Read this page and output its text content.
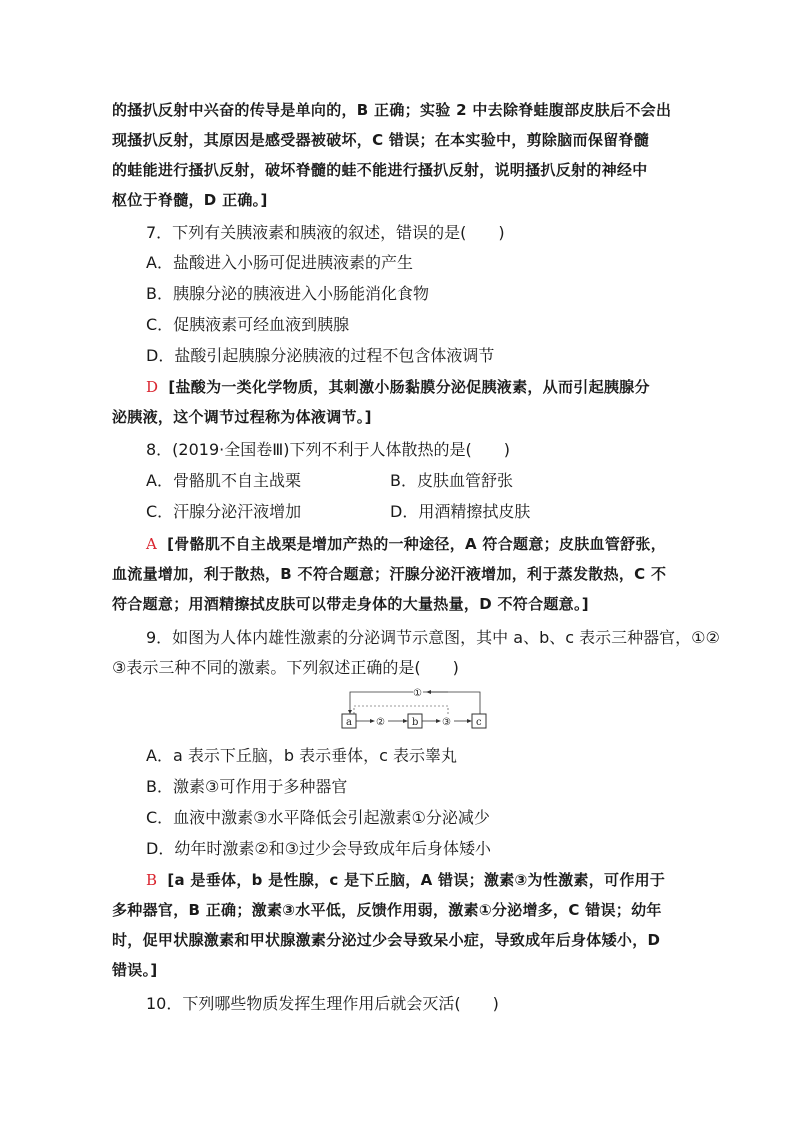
的搔扒反射中兴奋的传导是单向的，B 正确；实验 2 中去除脊蛙腹部皮肤后不会出
现搔扒反射，其原因是感受器被破坏，C 错误；在本实验中，剪除脑而保留脊髓
的蛙能进行搔扒反射，破坏脊髓的蛙不能进行搔扒反射，说明搔扒反射的神经中
枢位于脊髓，D 正确。]
7．下列有关胰液素和胰液的叙述，错误的是(　　)
A．盐酸进入小肠可促进胰液素的产生
B．胰腺分泌的胰液进入小肠能消化食物
C．促胰液素可经血液到胰腺
D．盐酸引起胰腺分泌胰液的过程不包含体液调节
D [盐酸为一类化学物质，其刺激小肠黏膜分泌促胰液素，从而引起胰腺分
泌胰液，这个调节过程称为体液调节。]
8．(2019·全国卷Ⅲ)下列不利于人体散热的是(　　)
A．骨骼肌不自主战栗	B．皮肤血管舒张
C．汗腺分泌汗液增加	D．用酒精擦拭皮肤
A [骨骼肌不自主战栗是增加产热的一种途径，A 符合题意；皮肤血管舒张，
血流量增加，利于散热，B 不符合题意；汗腺分泌汗液增加，利于蒸发散热，C 不
符合题意；用酒精擦拭皮肤可以带走身体的大量热量，D 不符合题意。]
9．如图为人体内雄性激素的分泌调节示意图，其中 a、b、c 表示三种器官，①②
③表示三种不同的激素。下列叙述正确的是(　　)
①
a	b	c
②	③
A．a 表示下丘脑，b 表示垂体，c 表示睾丸
B．激素③可作用于多种器官
C．血液中激素③水平降低会引起激素①分泌减少
D．幼年时激素②和③过少会导致成年后身体矮小
B [a 是垂体，b 是性腺，c 是下丘脑，A 错误；激素③为性激素，可作用于
多种器官，B 正确；激素③水平低，反馈作用弱，激素①分泌增多，C 错误；幼年
时，促甲状腺激素和甲状腺激素分泌过少会导致呆小症，导致成年后身体矮小，D
错误。]
10．下列哪些物质发挥生理作用后就会灭活(　　)
